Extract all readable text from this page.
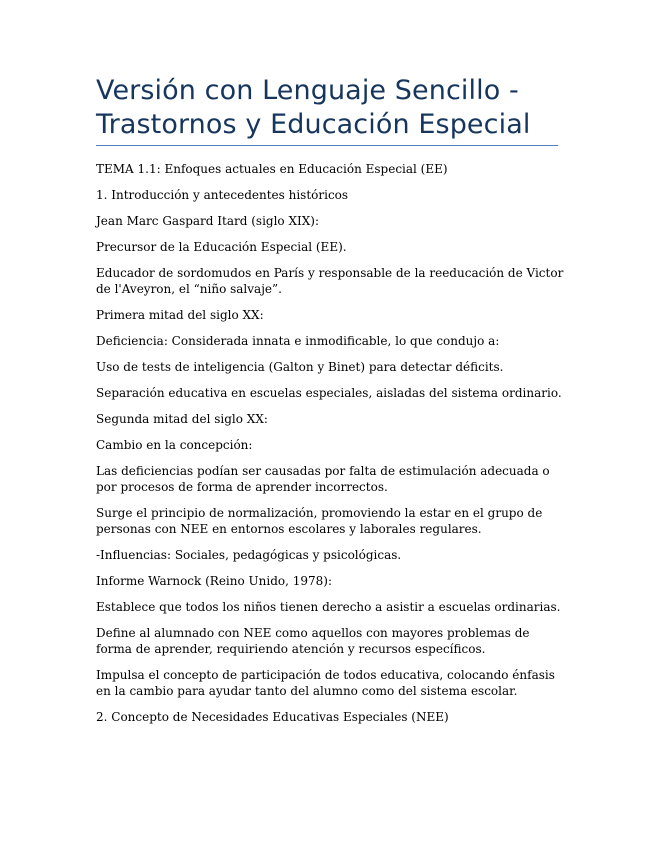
Versión con Lenguaje Sencillo - Trastornos y Educación Especial

TEMA 1.1: Enfoques actuales en Educación Especial (EE)

1. Introducción y antecedentes históricos

Jean Marc Gaspard Itard (siglo XIX):

Precursor de la Educación Especial (EE).

Educador de sordomudos en París y responsable de la reeducación de Victor de l'Aveyron, el “niño salvaje”.

Primera mitad del siglo XX:

Deficiencia: Considerada innata e inmodificable, lo que condujo a:

Uso de tests de inteligencia (Galton y Binet) para detectar déficits.

Separación educativa en escuelas especiales, aisladas del sistema ordinario.

Segunda mitad del siglo XX:

Cambio en la concepción:

Las deficiencias podían ser causadas por falta de estimulación adecuada o por procesos de forma de aprender incorrectos.

Surge el principio de normalización, promoviendo la estar en el grupo de personas con NEE en entornos escolares y laborales regulares.

-Influencias: Sociales, pedagógicas y psicológicas.

Informe Warnock (Reino Unido, 1978):

Establece que todos los niños tienen derecho a asistir a escuelas ordinarias.

Define al alumnado con NEE como aquellos con mayores problemas de forma de aprender, requiriendo atención y recursos específicos.

Impulsa el concepto de participación de todos educativa, colocando énfasis en la cambio para ayudar tanto del alumno como del sistema escolar.

2. Concepto de Necesidades Educativas Especiales (NEE)
